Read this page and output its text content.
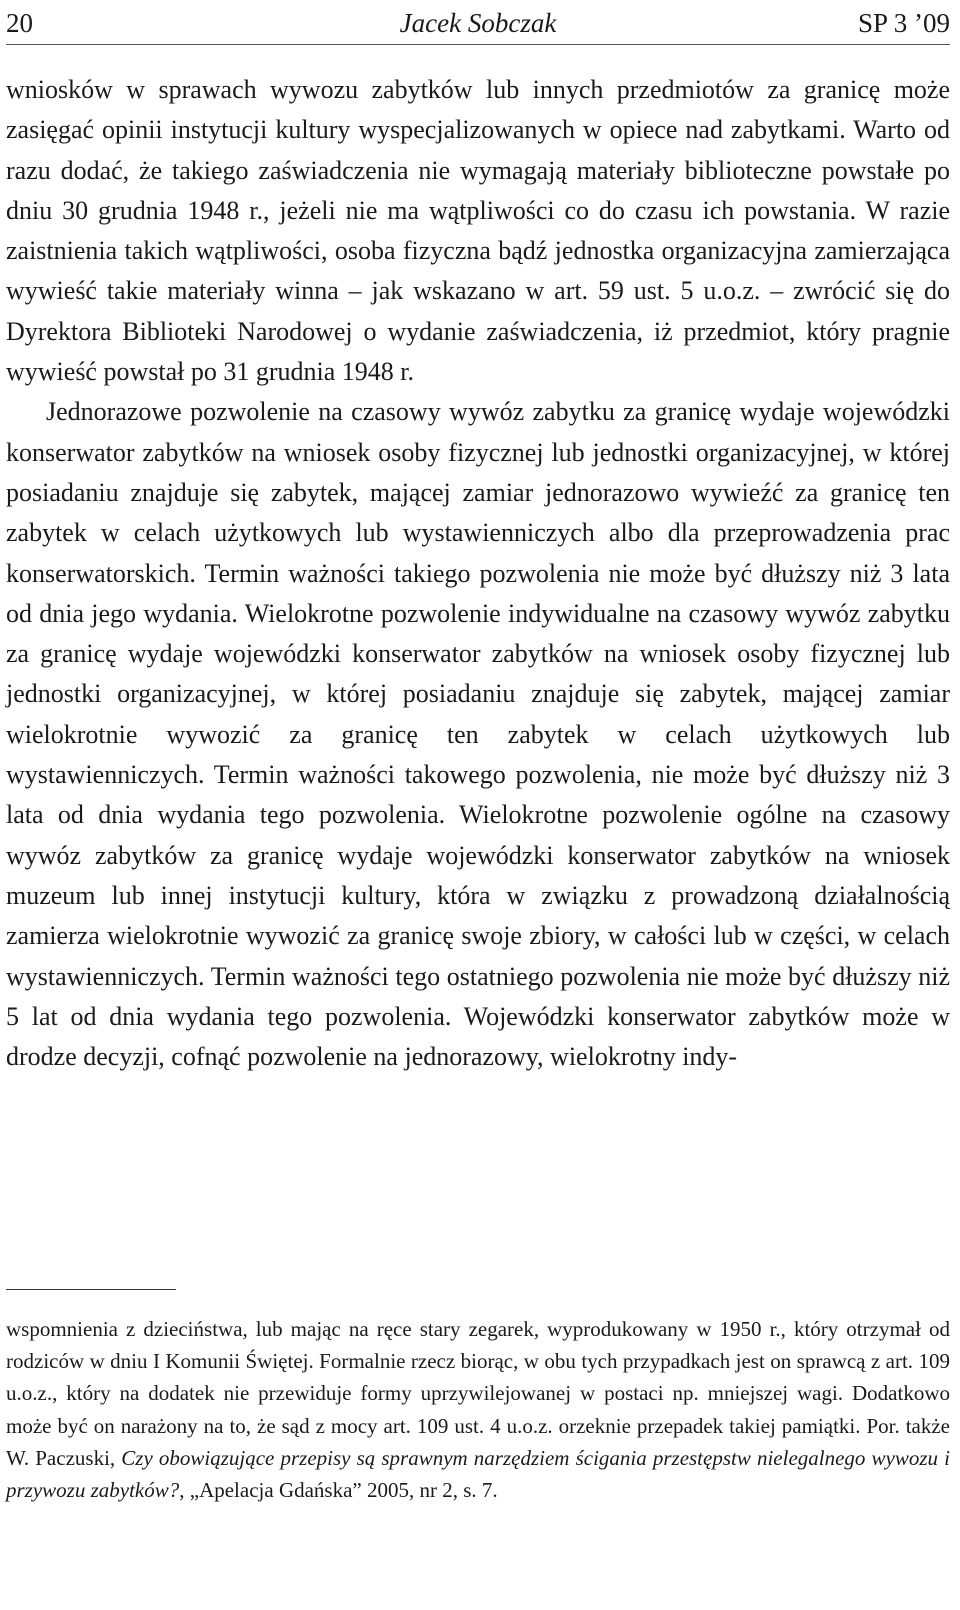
20	Jacek Sobczak	SP 3 ’09

wniosków w sprawach wywozu zabytków lub innych przedmiotów za granicę może zasięgać opinii instytucji kultury wyspecjalizowanych w opiece nad zabytkami. Warto od razu dodać, że takiego zaświadczenia nie wymagają materiały biblioteczne powstałe po dniu 30 grudnia 1948 r., jeżeli nie ma wątpliwości co do czasu ich powstania. W razie zaistnienia takich wątpliwości, osoba fizyczna bądź jednostka organizacyjna zamierzająca wywieść takie materiały winna – jak wskazano w art. 59 ust. 5 u.o.z. – zwrócić się do Dyrektora Biblioteki Narodowej o wydanie zaświadczenia, iż przedmiot, który pragnie wywieść powstał po 31 grudnia 1948 r.

Jednorazowe pozwolenie na czasowy wywóz zabytku za granicę wydaje wojewódzki konserwator zabytków na wniosek osoby fizycznej lub jednostki organizacyjnej, w której posiadaniu znajduje się zabytek, mającej zamiar jednorazowo wywieźć za granicę ten zabytek w celach użytkowych lub wystawienniczych albo dla przeprowadzenia prac konserwatorskich. Termin ważności takiego pozwolenia nie może być dłuższy niż 3 lata od dnia jego wydania. Wielokrotne pozwolenie indywidualne na czasowy wywóz zabytku za granicę wydaje wojewódzki konserwator zabytków na wniosek osoby fizycznej lub jednostki organizacyjnej, w której posiadaniu znajduje się zabytek, mającej zamiar wielokrotnie wywozić za granicę ten zabytek w celach użytkowych lub wystawienniczych. Termin ważności takowego pozwolenia, nie może być dłuższy niż 3 lata od dnia wydania tego pozwolenia. Wielokrotne pozwolenie ogólne na czasowy wywóz zabytków za granicę wydaje wojewódzki konserwator zabytków na wniosek muzeum lub innej instytucji kultury, która w związku z prowadzoną działalnością zamierza wielokrotnie wywozić za granicę swoje zbiory, w całości lub w części, w celach wystawienniczych. Termin ważności tego ostatniego pozwolenia nie może być dłuższy niż 5 lat od dnia wydania tego pozwolenia. Wojewódzki konserwator zabytków może w drodze decyzji, cofnąć pozwolenie na jednorazowy, wielokrotny indy-

wspomnienia z dzieciństwa, lub mając na ręce stary zegarek, wyprodukowany w 1950 r., który otrzymał od rodziców w dniu I Komunii Świętej. Formalnie rzecz biorąc, w obu tych przypadkach jest on sprawcą z art. 109 u.o.z., który na dodatek nie przewiduje formy uprzywilejowanej w postaci np. mniejszej wagi. Dodatkowo może być on narażony na to, że sąd z mocy art. 109 ust. 4 u.o.z. orzeknie przepadek takiej pamiątki. Por. także W. Paczuski, Czy obowiązujące przepisy są sprawnym narzędziem ścigania przestępstw nielegalnego wywozu i przywozu zabytków?, „Apelacja Gdańska” 2005, nr 2, s. 7.
